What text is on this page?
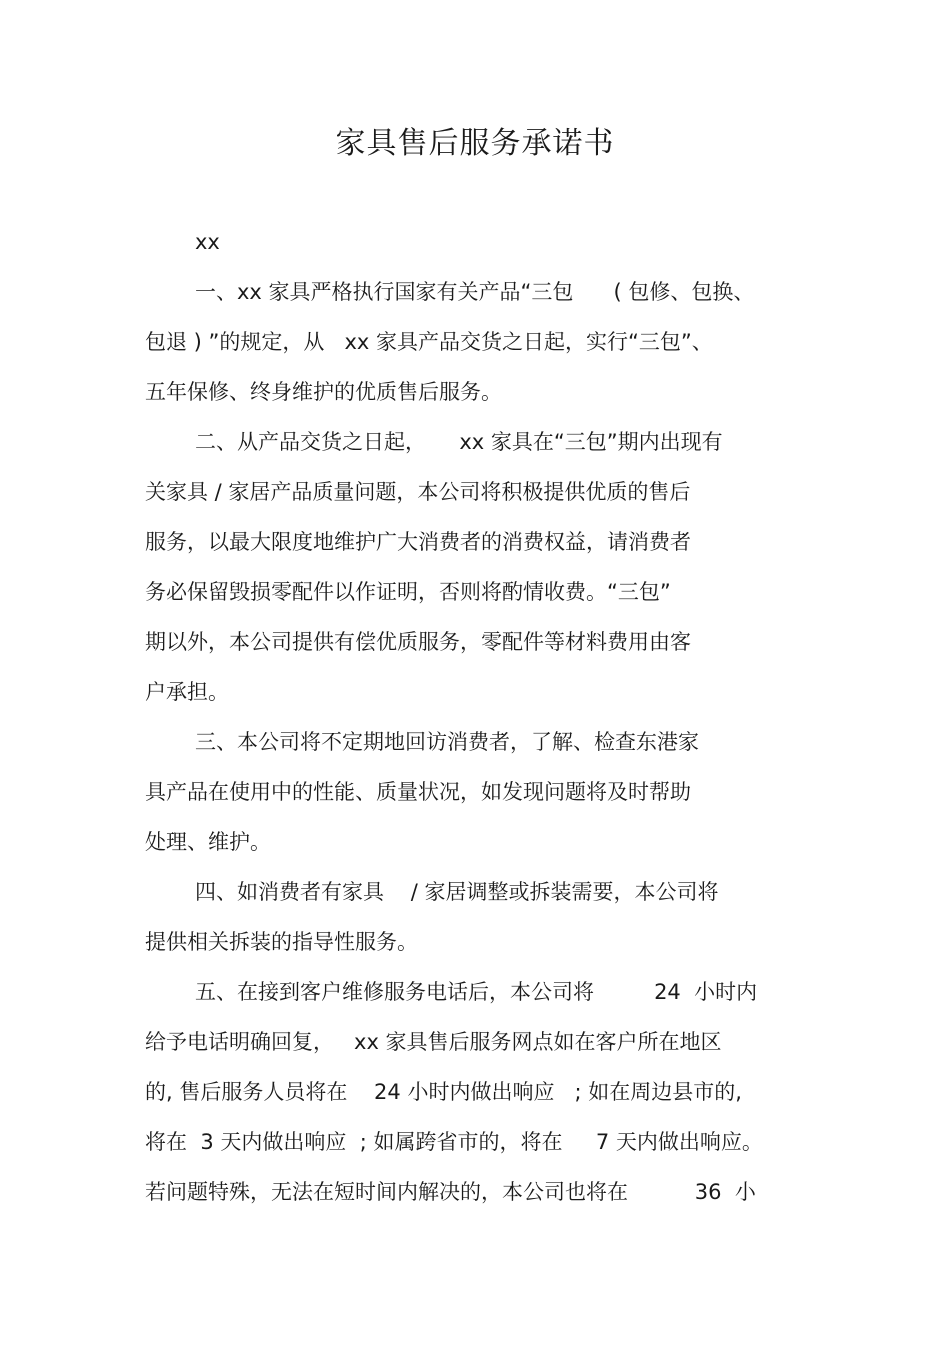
家具售后服务承诺书

xx

一、xx 家具严格执行国家有关产品“三包      ( 包修、包换、

包退 ) ”的规定，从   xx 家具产品交货之日起，实行“三包”、

五年保修、终身维护的优质售后服务。

二、从产品交货之日起，     xx 家具在“三包”期内出现有

关家具 / 家居产品质量问题，本公司将积极提供优质的售后

服务，以最大限度地维护广大消费者的消费权益，请消费者

务必保留毁损零配件以作证明，否则将酌情收费。“三包”

期以外，本公司提供有偿优质服务，零配件等材料费用由客

户承担。

三、本公司将不定期地回访消费者，了解、检查东港家

具产品在使用中的性能、质量状况，如发现问题将及时帮助

处理、维护。

四、如消费者有家具    / 家居调整或拆装需要，本公司将

提供相关拆装的指导性服务。

五、在接到客户维修服务电话后，本公司将         24  小时内

给予电话明确回复，   xx 家具售后服务网点如在客户所在地区

的, 售后服务人员将在    24 小时内做出响应   ; 如在周边县市的,

将在  3 天内做出响应  ; 如属跨省市的，将在     7 天内做出响应。

若问题特殊，无法在短时间内解决的，本公司也将在          36  小
